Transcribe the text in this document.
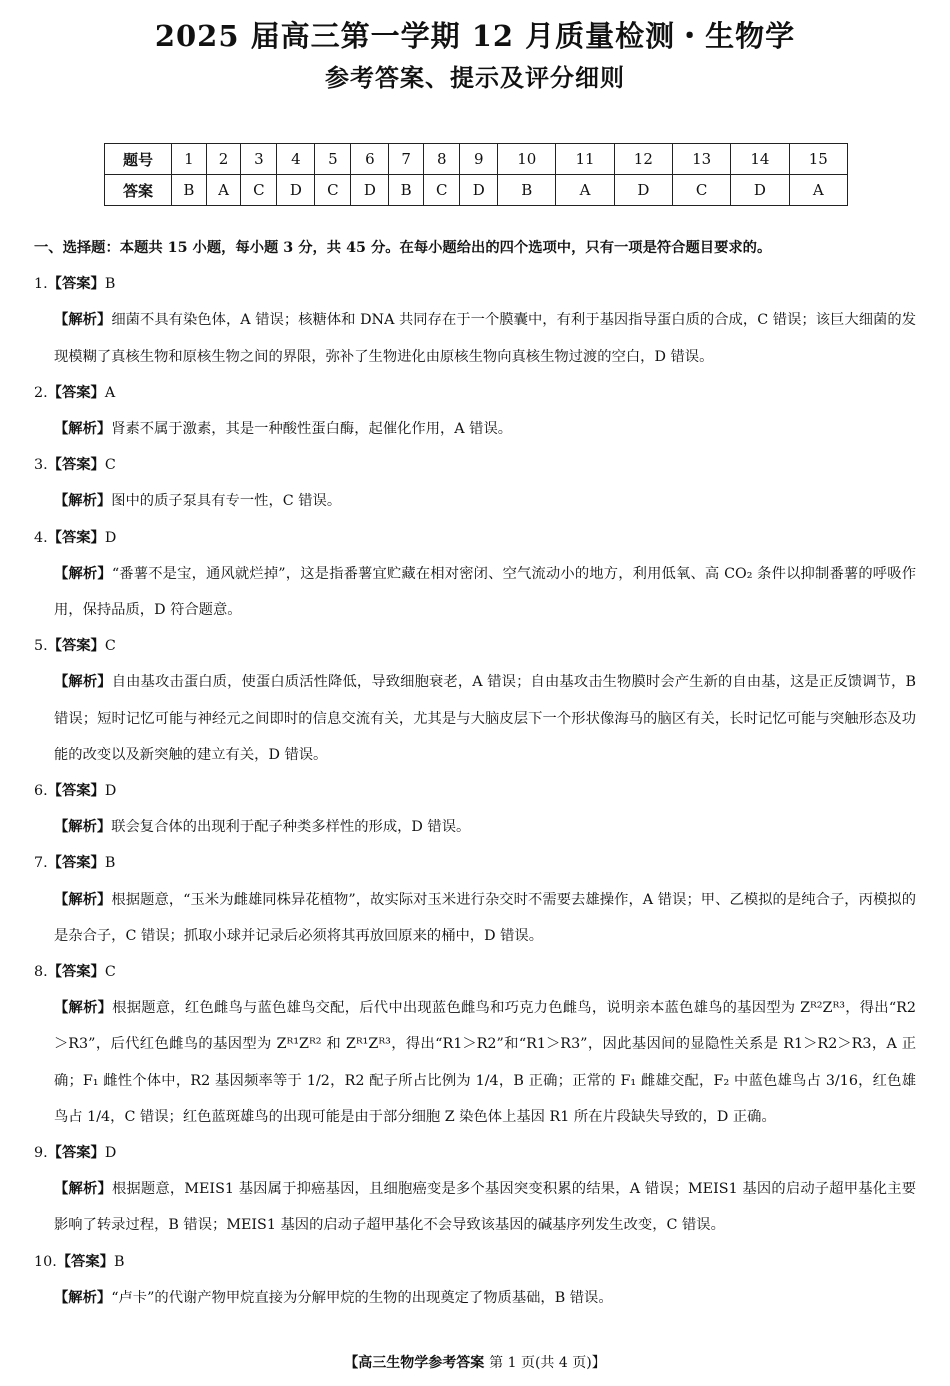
2025 届高三第一学期 12 月质量检测・生物学
参考答案、提示及评分细则
题号	1	2	3	4	5	6	7	8	9	10	11	12	13	14	15
答案	B	A	C	D	C	D	B	C	D	B	A	D	C	D	A

一、选择题：本题共 15 小题，每小题 3 分，共 45 分。在每小题给出的四个选项中，只有一项是符合题目要求的。

1.【答案】B

【解析】细菌不具有染色体，A 错误；核糖体和 DNA 共同存在于一个膜囊中，有利于基因指导蛋白质的合成，C 错误；该巨大细菌的发现模糊了真核生物和原核生物之间的界限，弥补了生物进化由原核生物向真核生物过渡的空白，D 错误。

2.【答案】A

【解析】肾素不属于激素，其是一种酸性蛋白酶，起催化作用，A 错误。

3.【答案】C

【解析】图中的质子泵具有专一性，C 错误。

4.【答案】D

【解析】“番薯不是宝，通风就烂掉”，这是指番薯宜贮藏在相对密闭、空气流动小的地方，利用低氧、高 CO₂ 条件以抑制番薯的呼吸作用，保持品质，D 符合题意。

5.【答案】C

【解析】自由基攻击蛋白质，使蛋白质活性降低，导致细胞衰老，A 错误；自由基攻击生物膜时会产生新的自由基，这是正反馈调节，B 错误；短时记忆可能与神经元之间即时的信息交流有关，尤其是与大脑皮层下一个形状像海马的脑区有关，长时记忆可能与突触形态及功能的改变以及新突触的建立有关，D 错误。

6.【答案】D

【解析】联会复合体的出现利于配子种类多样性的形成，D 错误。

7.【答案】B

【解析】根据题意，“玉米为雌雄同株异花植物”，故实际对玉米进行杂交时不需要去雄操作，A 错误；甲、乙模拟的是纯合子，丙模拟的是杂合子，C 错误；抓取小球并记录后必须将其再放回原来的桶中，D 错误。

8.【答案】C

【解析】根据题意，红色雌鸟与蓝色雄鸟交配，后代中出现蓝色雌鸟和巧克力色雌鸟，说明亲本蓝色雄鸟的基因型为 Zᴿ²Zᴿ³，得出“R2＞R3”，后代红色雌鸟的基因型为 Zᴿ¹Zᴿ² 和 Zᴿ¹Zᴿ³，得出“R1＞R2”和“R1＞R3”，因此基因间的显隐性关系是 R1＞R2＞R3，A 正确；F₁ 雌性个体中，R2 基因频率等于 1/2，R2 配子所占比例为 1/4，B 正确；正常的 F₁ 雌雄交配，F₂ 中蓝色雄鸟占 3/16，红色雄鸟占 1/4，C 错误；红色蓝斑雄鸟的出现可能是由于部分细胞 Z 染色体上基因 R1 所在片段缺失导致的，D 正确。

9.【答案】D

【解析】根据题意，MEIS1 基因属于抑癌基因，且细胞癌变是多个基因突变积累的结果，A 错误；MEIS1 基因的启动子超甲基化主要影响了转录过程，B 错误；MEIS1 基因的启动子超甲基化不会导致该基因的碱基序列发生改变，C 错误。

10.【答案】B

【解析】“卢卡”的代谢产物甲烷直接为分解甲烷的生物的出现奠定了物质基础，B 错误。

【高三生物学参考答案 第 1 页(共 4 页)】
